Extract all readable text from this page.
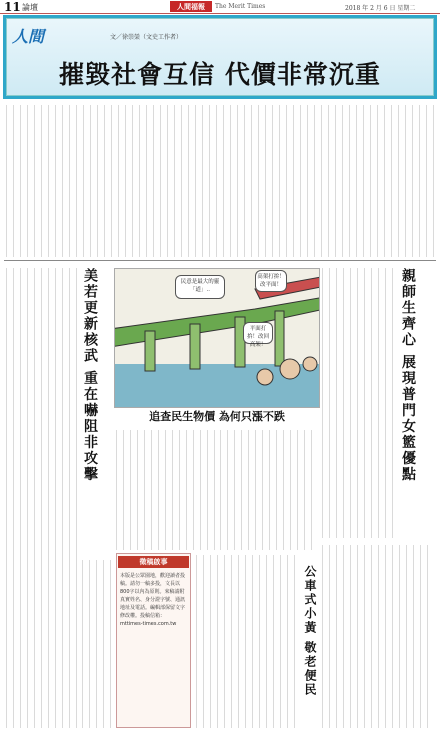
11 論壇	人間福報	The Merit Times	2018 年 2 月 6 日 星期二
人間	文／徐崇榮（文史工作者）
摧毀社會互信 代價非常沉重
美若更新核武 重在嚇阻非攻擊	民意是最大的靈「道」..
高架打拚！改平面！
平面打拚！改回高架！
追查民生物價 為何只漲不跌	親師生齊心 展現普門女籃優點
公車式小黃 敬老便民
徵稿啟事
本版是公眾園地，歡迎讀者投稿。請勿一稿多投，文長以800字以內為原則。來稿請附真實姓名、身分證字號、通訊地址及電話。編輯部保留文字修改權。投稿信箱：mttimes-times.com.tw
